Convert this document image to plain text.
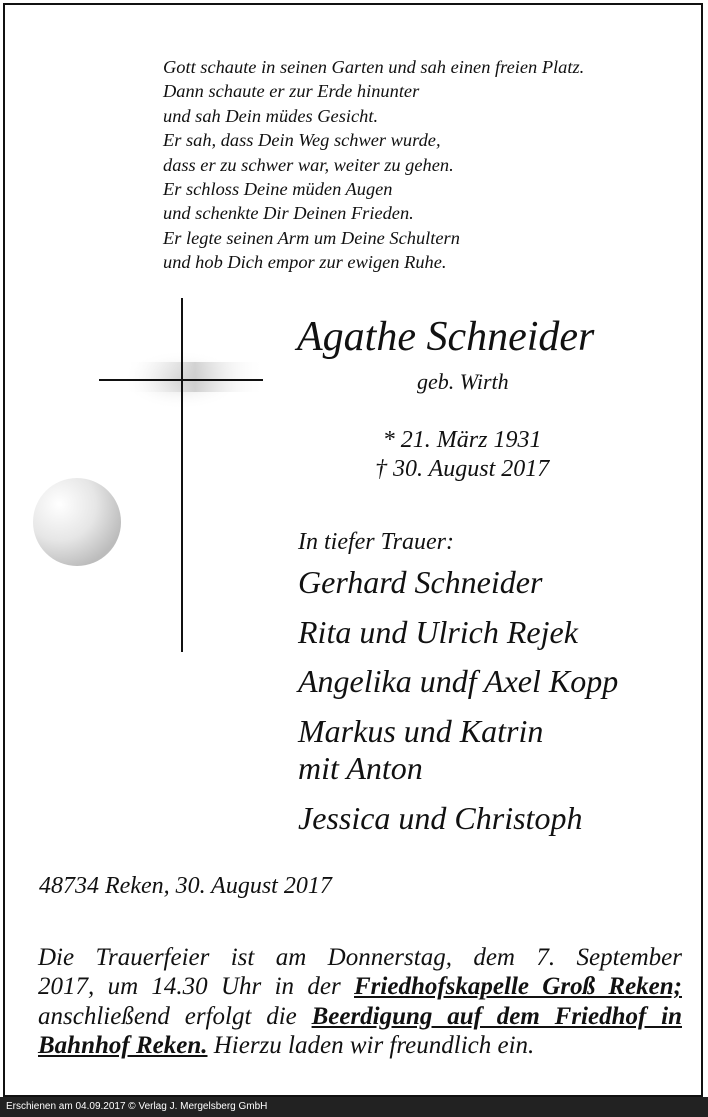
Gott schaute in seinen Garten und sah einen freien Platz.
Dann schaute er zur Erde hinunter
und sah Dein müdes Gesicht.
Er sah, dass Dein Weg schwer wurde,
dass er zu schwer war, weiter zu gehen.
Er schloss Deine müden Augen
und schenkte Dir Deinen Frieden.
Er legte seinen Arm um Deine Schultern
und hob Dich empor zur ewigen Ruhe.
Agathe Schneider
geb. Wirth
* 21. März 1931
† 30. August 2017
In tiefer Trauer:
Gerhard Schneider
Rita und Ulrich Rejek
Angelika undf Axel Kopp
Markus und Katrin
mit Anton
Jessica und Christoph
48734 Reken, 30. August 2017
Die Trauerfeier ist am Donnerstag, dem 7. September
2017, um 14.30 Uhr in der Friedhofskapelle Groß Reken;
anschließend erfolgt die Beerdigung auf dem Friedhof in
Bahnhof Reken. Hierzu laden wir freundlich ein.
Erschienen am 04.09.2017 © Verlag J. Mergelsberg GmbH
